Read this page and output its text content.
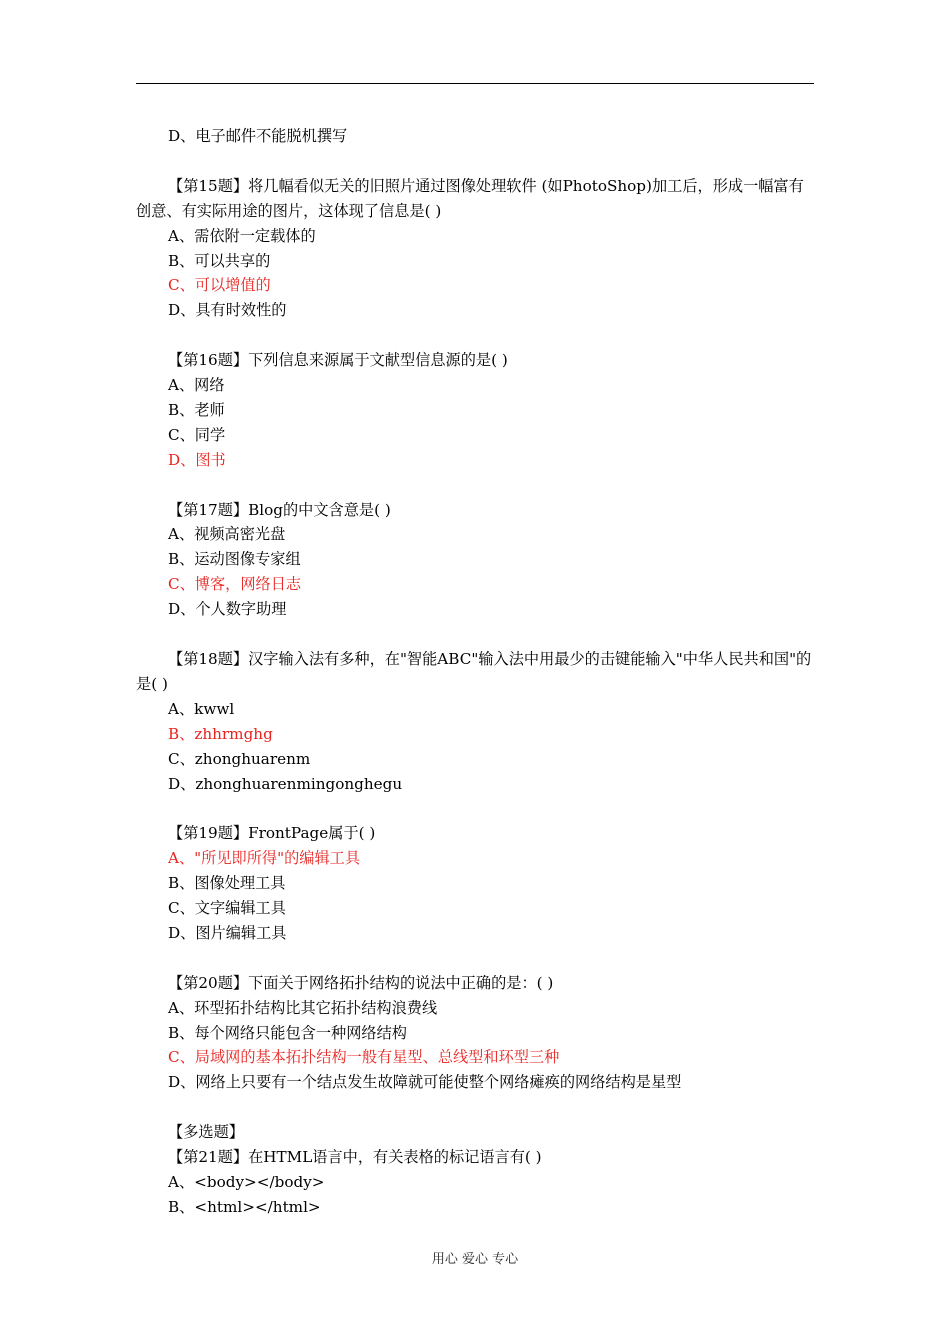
D、电子邮件不能脱机撰写
【第15题】将几幅看似无关的旧照片通过图像处理软件 (如PhotoShop)加工后，形成一幅富有创意、有实际用途的图片，这体现了信息是( )
A、需依附一定载体的
B、可以共享的
C、可以增值的
D、具有时效性的
【第16题】下列信息来源属于文献型信息源的是( )
A、网络
B、老师
C、同学
D、图书
【第17题】Blog的中文含意是( )
A、视频高密光盘
B、运动图像专家组
C、博客，网络日志
D、个人数字助理
【第18题】汉字输入法有多种，在"智能ABC"输入法中用最少的击键能输入"中华人民共和国"的是( )
A、kwwl
B、zhhrmghg
C、zhonghuarenm
D、zhonghuarenmingonghegu
【第19题】FrontPage属于( )
A、"所见即所得"的编辑工具
B、图像处理工具
C、文字编辑工具
D、图片编辑工具
【第20题】下面关于网络拓扑结构的说法中正确的是：( )
A、环型拓扑结构比其它拓扑结构浪费线
B、每个网络只能包含一种网络结构
C、局域网的基本拓扑结构一般有星型、总线型和环型三种
D、网络上只要有一个结点发生故障就可能使整个网络瘫痪的网络结构是星型
【多选题】
【第21题】在HTML语言中，有关表格的标记语言有( )
A、<body></body>
B、<html></html>
用心 爱心 专心
